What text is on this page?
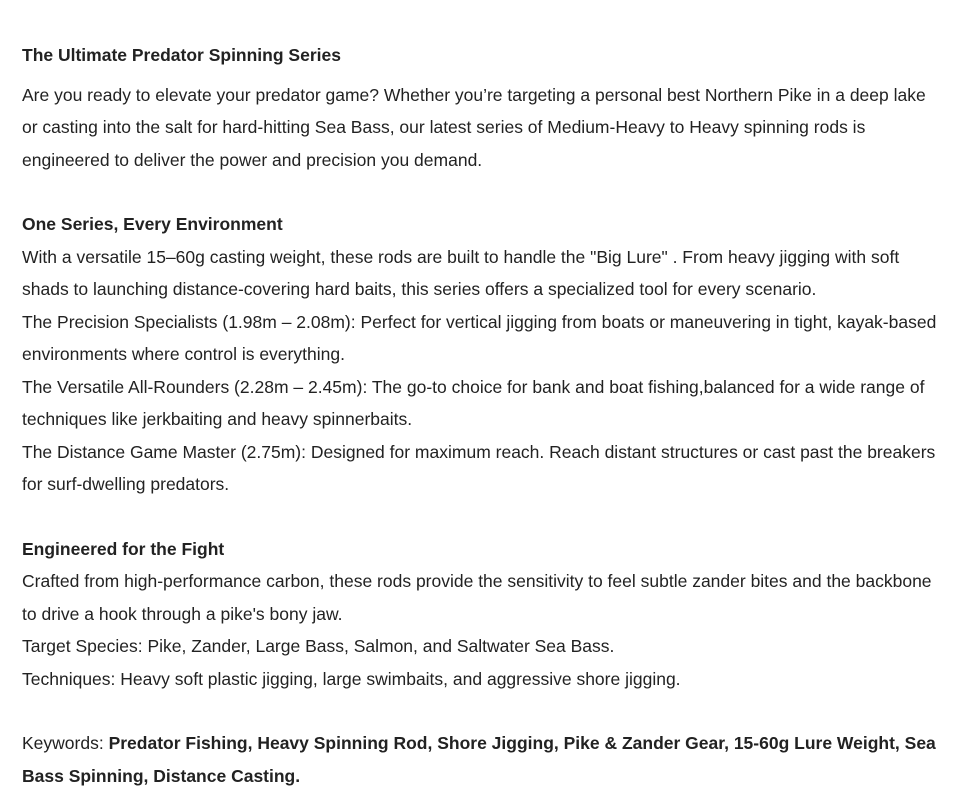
The Ultimate Predator Spinning Series

Are you ready to elevate your predator game? Whether you’re targeting a personal best Northern Pike in a deep lake or casting into the salt for hard-hitting Sea Bass, our latest series of Medium-Heavy to Heavy spinning rods is engineered to deliver the power and precision you demand.

One Series, Every Environment

With a versatile 15–60g casting weight, these rods are built to handle the "Big Lure" . From heavy jigging with soft shads to launching distance-covering hard baits, this series offers a specialized tool for every scenario.

The Precision Specialists (1.98m – 2.08m): Perfect for vertical jigging from boats or maneuvering in tight, kayak-based environments where control is everything.

The Versatile All-Rounders (2.28m – 2.45m): The go-to choice for bank and boat fishing,balanced for a wide range of techniques like jerkbaiting and heavy spinnerbaits.

The Distance Game Master (2.75m): Designed for maximum reach. Reach distant structures or cast past the breakers for surf-dwelling predators.

Engineered for the Fight

Crafted from high-performance carbon, these rods provide the sensitivity to feel subtle zander bites and the backbone to drive a hook through a pike's bony jaw.

Target Species: Pike, Zander, Large Bass, Salmon, and Saltwater Sea Bass.

Techniques: Heavy soft plastic jigging, large swimbaits, and aggressive shore jigging.

Keywords: Predator Fishing, Heavy Spinning Rod, Shore Jigging, Pike & Zander Gear, 15-60g Lure Weight, Sea Bass Spinning, Distance Casting.
